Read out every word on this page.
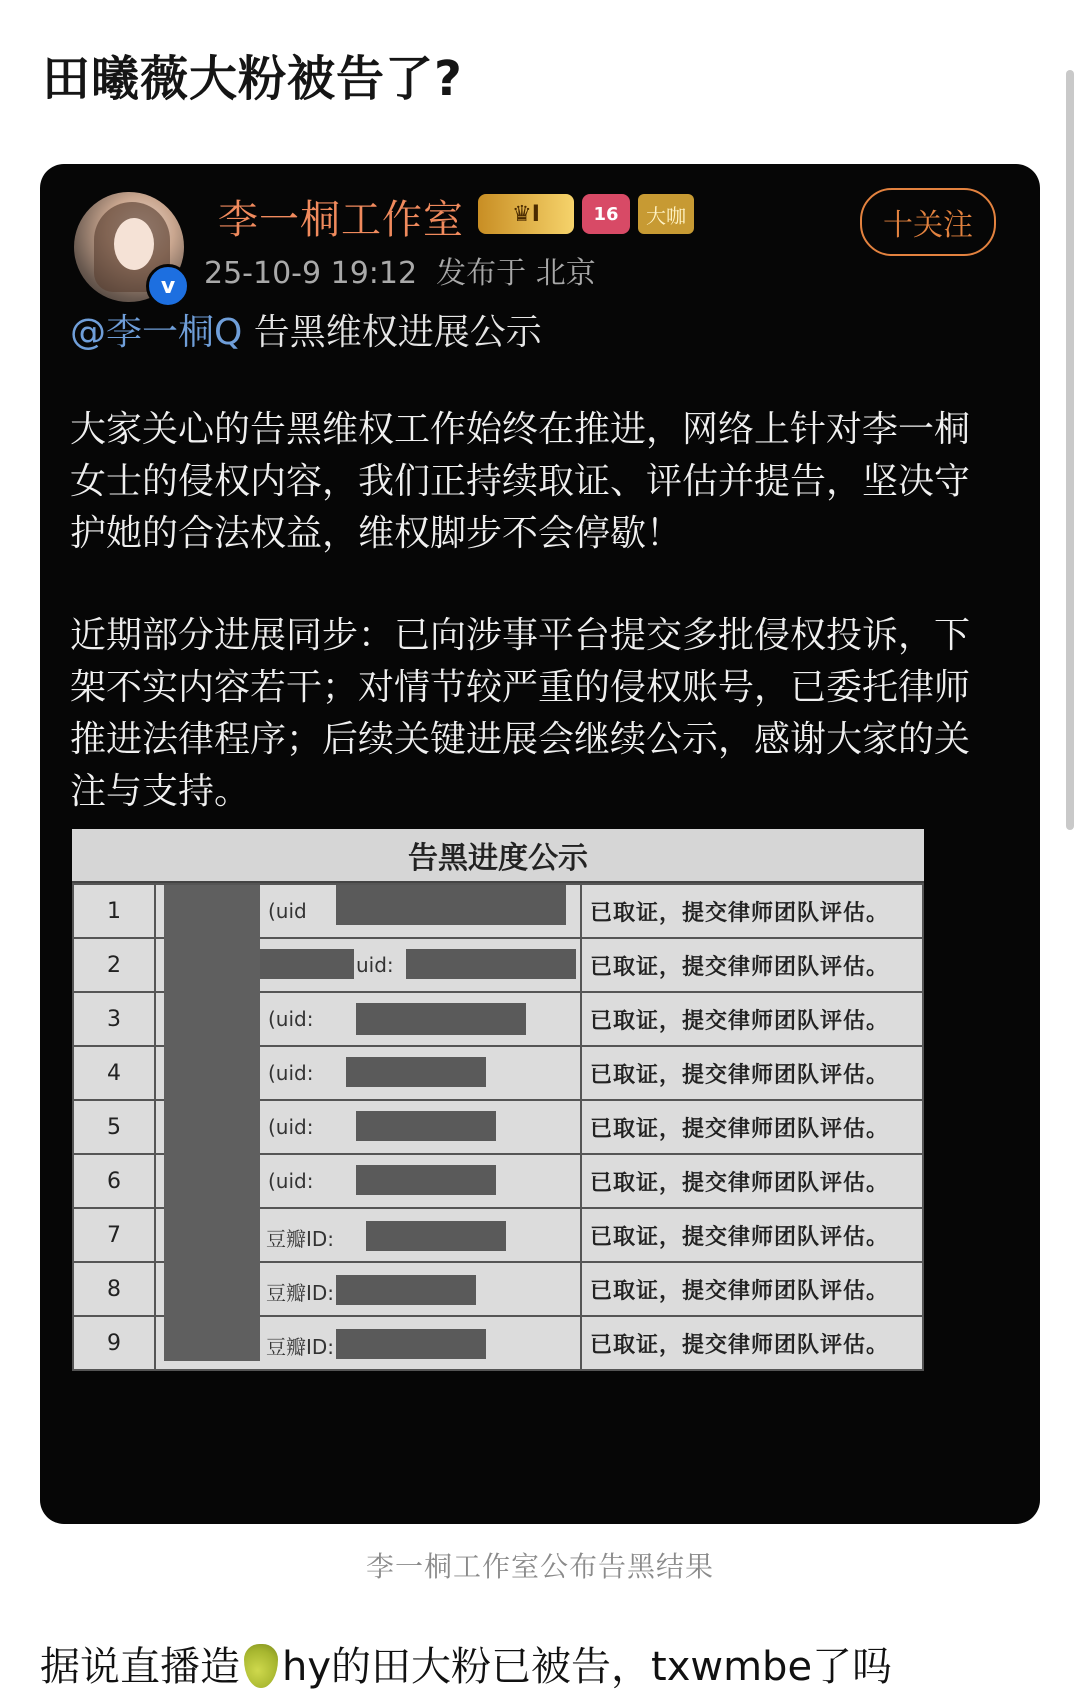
田曦薇大粉被告了?
v
李一桐工作室	♛ I	16	大咖	十关注
25-10-9 19:12 发布于 北京
@李一桐Q 告黑维权进展公示
大家关心的告黑维权工作始终在推进，网络上针对李一桐女士的侵权内容，我们正持续取证、评估并提告，坚决守护她的合法权益，维权脚步不会停歇！
近期部分进展同步：已向涉事平台提交多批侵权投诉，下架不实内容若干；对情节较严重的侵权账号，已委托律师推进法律程序；后续关键进展会继续公示，感谢大家的关注与支持。
告黑进度公示
1	(uid	已取证，提交律师团队评估。
2	uid:	已取证，提交律师团队评估。
3	(uid:	已取证，提交律师团队评估。
4	(uid:	已取证，提交律师团队评估。
5	(uid:	已取证，提交律师团队评估。
6	(uid:	已取证，提交律师团队评估。
7	豆瓣ID:	已取证，提交律师团队评估。
8	豆瓣ID:	已取证，提交律师团队评估。
9	豆瓣ID:	已取证，提交律师团队评估。
李一桐工作室公布告黑结果
据说直播造 hy的田大粉已被告，txwmbe了吗
